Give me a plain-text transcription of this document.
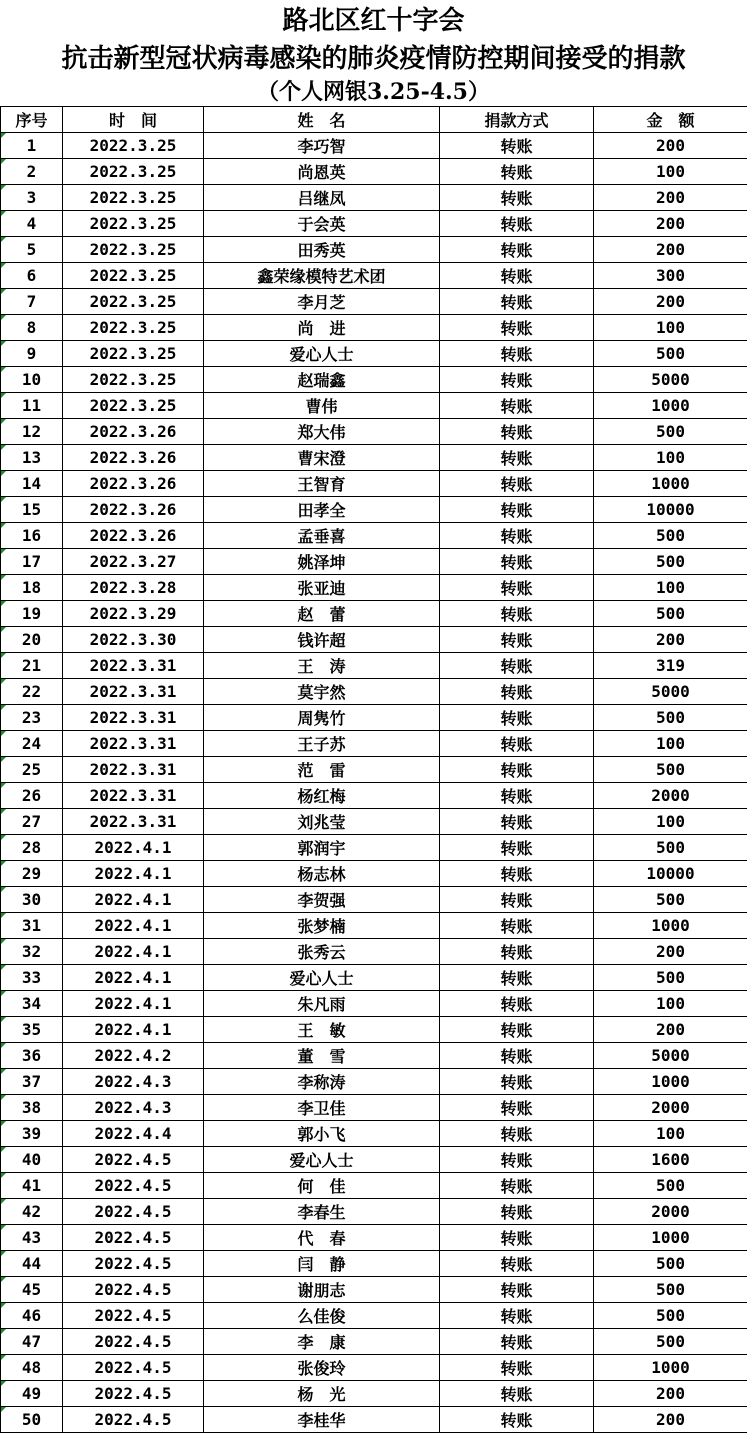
路北区红十字会
抗击新型冠状病毒感染的肺炎疫情防控期间接受的捐款
（个人网银3.25-4.5）
序号	时　间	姓　名	捐款方式	金　额
1	2022.3.25	李巧智	转账	200
2	2022.3.25	尚恩英	转账	100
3	2022.3.25	吕继凤	转账	200
4	2022.3.25	于会英	转账	200
5	2022.3.25	田秀英	转账	200
6	2022.3.25	鑫荣缘模特艺术团	转账	300
7	2022.3.25	李月芝	转账	200
8	2022.3.25	尚　进	转账	100
9	2022.3.25	爱心人士	转账	500
10	2022.3.25	赵瑞鑫	转账	5000
11	2022.3.25	曹伟	转账	1000
12	2022.3.26	郑大伟	转账	500
13	2022.3.26	曹宋澄	转账	100
14	2022.3.26	王智育	转账	1000
15	2022.3.26	田孝全	转账	10000
16	2022.3.26	孟垂喜	转账	500
17	2022.3.27	姚泽坤	转账	500
18	2022.3.28	张亚迪	转账	100
19	2022.3.29	赵　蕾	转账	500
20	2022.3.30	钱许超	转账	200
21	2022.3.31	王　涛	转账	319
22	2022.3.31	莫宇然	转账	5000
23	2022.3.31	周隽竹	转账	500
24	2022.3.31	王子苏	转账	100
25	2022.3.31	范　雷	转账	500
26	2022.3.31	杨红梅	转账	2000
27	2022.3.31	刘兆莹	转账	100
28	2022.4.1	郭润宇	转账	500
29	2022.4.1	杨志林	转账	10000
30	2022.4.1	李贺强	转账	500
31	2022.4.1	张梦楠	转账	1000
32	2022.4.1	张秀云	转账	200
33	2022.4.1	爱心人士	转账	500
34	2022.4.1	朱凡雨	转账	100
35	2022.4.1	王　敏	转账	200
36	2022.4.2	董　雪	转账	5000
37	2022.4.3	李称涛	转账	1000
38	2022.4.3	李卫佳	转账	2000
39	2022.4.4	郭小飞	转账	100
40	2022.4.5	爱心人士	转账	1600
41	2022.4.5	何　佳	转账	500
42	2022.4.5	李春生	转账	2000
43	2022.4.5	代　春	转账	1000
44	2022.4.5	闫　静	转账	500
45	2022.4.5	谢朋志	转账	500
46	2022.4.5	么佳俊	转账	500
47	2022.4.5	李　康	转账	500
48	2022.4.5	张俊玲	转账	1000
49	2022.4.5	杨　光	转账	200
50	2022.4.5	李桂华	转账	200
